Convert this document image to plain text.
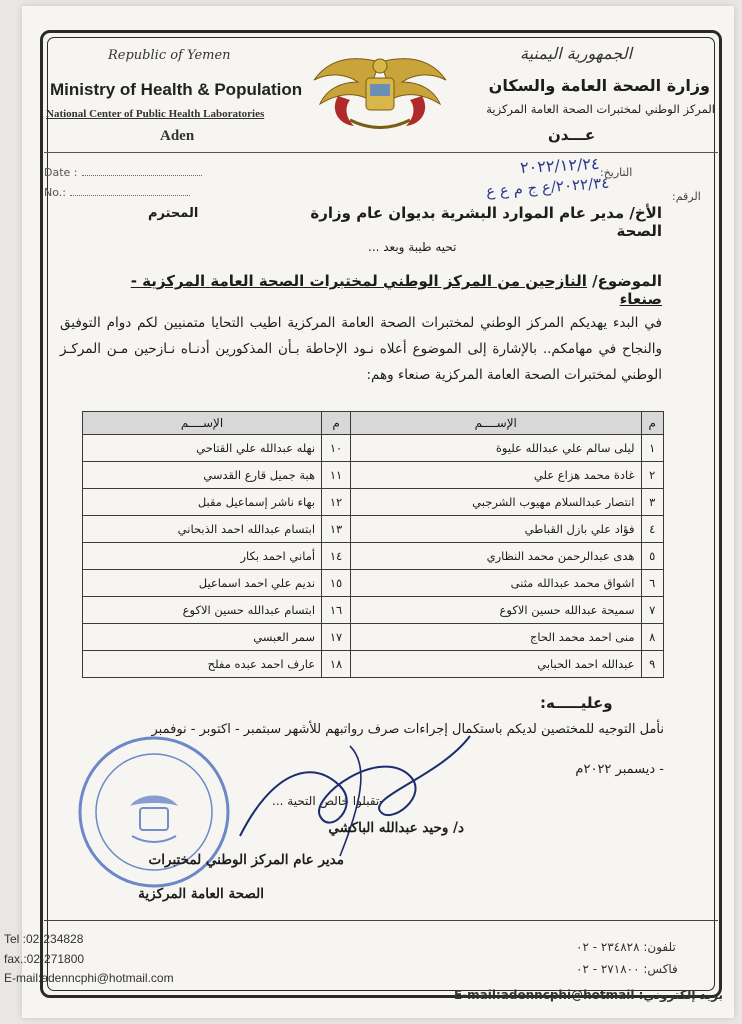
Republic of Yemen
Ministry of Health & Population
National Center of Public Health Laboratories
Aden
الجمهورية اليمنية
وزارة الصحة العامة والسكان
المركز الوطني لمختبرات الصحة العامة المركزية
عـــدن
Date :
No.:
التاريخ:
٢٠٢٢/١٢/٢٤
الرقم:
٢٠٢٢/٣٤/ع ج م ع ع
الأخ/ مدير عام الموارد البشرية بديوان عام وزارة الصحة
المحترم
تحيه طيبة وبعد ...
الموضوع/ النازحين من المركز الوطني لمختبرات الصحة العامة المركزية - صنعاء
في البدء يهديكم المركز الوطني لمختبرات الصحة العامة المركزية اطيب التحايا متمنيين لكم دوام التوفيق والنجاح في مهامكم.. بالإشارة إلى الموضوع أعلاه نـود الإحاطة بـأن المذكورين أدنـاه نـازحين مـن المركـز الوطني لمختبرات الصحة العامة المركزية صنعاء وهم:
م	الإســــم	م	الإســــم
١	ليلى سالم علي عبدالله عليوة	١٠	نهله عبدالله علي القتاحي
٢	غادة محمد هزاع علي	١١	هبة جميل قارع القدسي
٣	انتصار عبدالسلام مهيوب الشرجبي	١٢	بهاء ناشر إسماعيل مقبل
٤	فؤاد علي بازل القباطي	١٣	ابتسام عبدالله احمد الذبحاني
٥	هدى عبدالرحمن محمد النظاري	١٤	أماني احمد بكار
٦	اشواق محمد عبدالله مثنى	١٥	نديم علي احمد اسماعيل
٧	سميحة عبدالله حسين الاكوع	١٦	ابتسام عبدالله حسين الاكوع
٨	منى احمد محمد الحاج	١٧	سمر العبسي
٩	عبدالله احمد الحبابي	١٨	عارف احمد عبده مفلح
وعليـــــه:
نأمل التوجيه للمختصين لديكم باستكمال إجراءات صرف رواتبهم للأشهر سبتمبر - اكتوبر - نوفمبر
- ديسمبر ٢٠٢٢م
-تقبلوا خالص التحية ...
د/ وحيد عبدالله الباكشي
مدير عام المركز الوطني لمختبرات
الصحة العامة المركزية
Tel :02-234828
fax.:02-271800
E-mail:adenncphi@hotmail.com
تلفون: ٢٣٤٨٢٨ - ٠٢
فاكس: ٢٧١٨٠٠ - ٠٢
بريد إلكتروني: E-mail:adenncphi@hotmail
